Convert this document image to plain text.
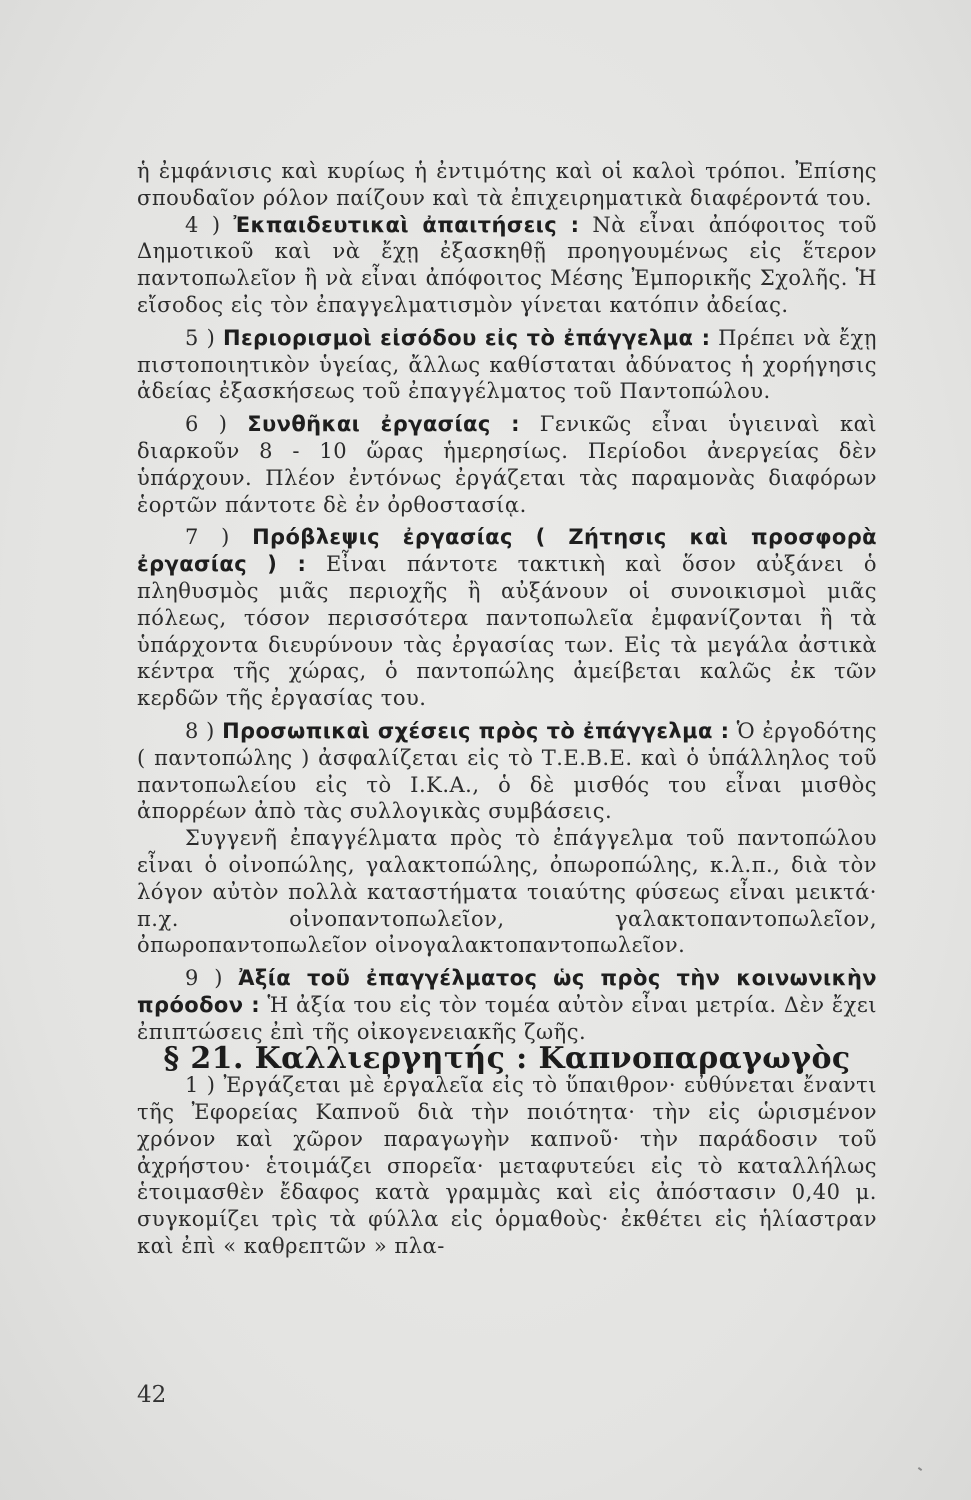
ἡ ἐμφάνισις καὶ κυρίως ἡ ἐντιμότης καὶ οἱ καλοὶ τρόποι. Ἐπίσης σπουδαῖον ρόλον παίζουν καὶ τὰ ἐπιχειρηματικὰ διαφέροντά του.

4 ) Ἐκπαιδευτικαὶ ἀπαιτήσεις : Νὰ εἶναι ἀπόφοιτος τοῦ Δημοτικοῦ καὶ νὰ ἔχῃ ἐξασκηθῇ προηγουμένως εἰς ἕτερον παντοπωλεῖον ἢ νὰ εἶναι ἀπόφοιτος Μέσης Ἐμπορικῆς Σχολῆς. Ἡ εἴσοδος εἰς τὸν ἐπαγγελματισμὸν γίνεται κατόπιν ἀδείας.

5 ) Περιορισμοὶ εἰσόδου εἰς τὸ ἐπάγγελμα : Πρέπει νὰ ἔχῃ πιστοποιητικὸν ὑγείας, ἄλλως καθίσταται ἀδύνατος ἡ χορήγησις ἀδείας ἐξασκήσεως τοῦ ἐπαγγέλματος τοῦ Παντοπώλου.

6 ) Συνθῆκαι ἐργασίας : Γενικῶς εἶναι ὑγιειναὶ καὶ διαρκοῦν 8 - 10 ὥρας ἡμερησίως. Περίοδοι ἀνεργείας δὲν ὑπάρχουν. Πλέον ἐντόνως ἐργάζεται τὰς παραμονὰς διαφόρων ἑορτῶν πάντοτε δὲ ἐν ὀρθοστασίᾳ.

7 ) Πρόβλεψις ἐργασίας ( Ζήτησις καὶ προσφορὰ ἐργασίας ) : Εἶναι πάντοτε τακτικὴ καὶ ὅσον αὐξάνει ὁ πληθυσμὸς μιᾶς περιοχῆς ἢ αὐξάνουν οἱ συνοικισμοὶ μιᾶς πόλεως, τόσον περισσότερα παντοπωλεῖα ἐμφανίζονται ἢ τὰ ὑπάρχοντα διευρύνουν τὰς ἐργασίας των. Εἰς τὰ μεγάλα ἀστικὰ κέντρα τῆς χώρας, ὁ παντοπώλης ἀμείβεται καλῶς ἐκ τῶν κερδῶν τῆς ἐργασίας του.

8 ) Προσωπικαὶ σχέσεις πρὸς τὸ ἐπάγγελμα : Ὁ ἐργοδότης ( παντοπώλης ) ἀσφαλίζεται εἰς τὸ Τ.Ε.Β.Ε. καὶ ὁ ὑπάλληλος τοῦ παντοπωλείου εἰς τὸ Ι.Κ.Α., ὁ δὲ μισθός του εἶναι μισθὸς ἀπορρέων ἀπὸ τὰς συλλογικὰς συμβάσεις.

Συγγενῆ ἐπαγγέλματα πρὸς τὸ ἐπάγγελμα τοῦ παντοπώλου εἶναι ὁ οἰνοπώλης, γαλακτοπώλης, ὀπωροπώλης, κ.λ.π., διὰ τὸν λόγον αὐτὸν πολλὰ καταστήματα τοιαύτης φύσεως εἶναι μεικτά· π.χ. οἰνοπαντοπωλεῖον, γαλακτοπαντοπωλεῖον, ὀπωροπαντοπωλεῖον οἰνογαλακτοπαντοπωλεῖον.

9 ) Ἀξία τοῦ ἐπαγγέλματος ὡς πρὸς τὴν κοινωνικὴν πρόοδον : Ἡ ἀξία του εἰς τὸν τομέα αὐτὸν εἶναι μετρία. Δὲν ἔχει ἐπιπτώσεις ἐπὶ τῆς οἰκογενειακῆς ζωῆς.

§ 21. Καλλιεργητής : Καπνοπαραγωγὸς

1 ) Ἐργάζεται μὲ ἐργαλεῖα εἰς τὸ ὕπαιθρον· εὐθύνεται ἔναντι τῆς Ἐφορείας Καπνοῦ διὰ τὴν ποιότητα· τὴν εἰς ὡρισμένον χρόνον καὶ χῶρον παραγωγὴν καπνοῦ· τὴν παράδοσιν τοῦ ἀχρήστου· ἑτοιμάζει σπορεῖα· μεταφυτεύει εἰς τὸ καταλλήλως ἑτοιμασθὲν ἔδαφος κατὰ γραμμὰς καὶ εἰς ἀπόστασιν 0,40 μ. συγκομίζει τρὶς τὰ φύλλα εἰς ὁρμαθοὺς· ἐκθέτει εἰς ἡλίαστραν καὶ ἐπὶ « καθρεπτῶν » πλα-

42
